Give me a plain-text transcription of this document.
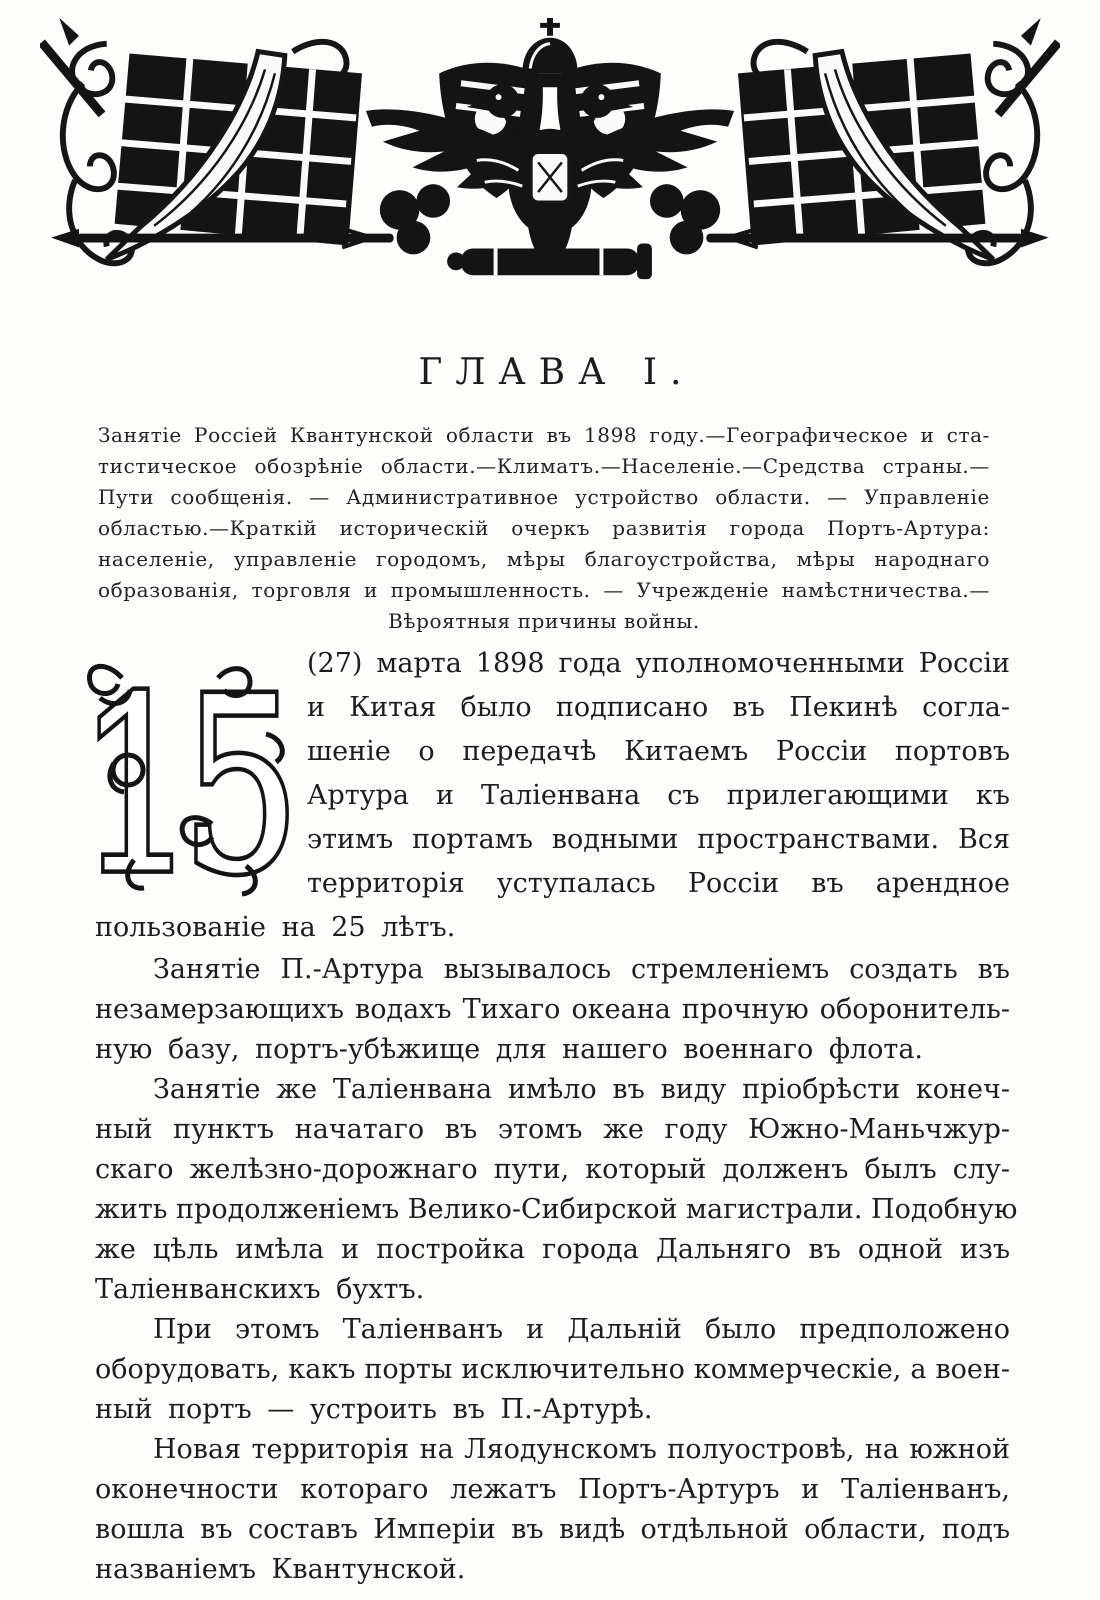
ГЛАВА I.
Занятіе Россіей Квантунской области въ 1898 году.—Географическое и ста-
тистическое обозрѣніе области.—Климатъ.—Населеніе.—Средства страны.—
Пути сообщенія. — Административное устройство области. — Управленіе
областью.—Краткій историческій очеркъ развитія города Портъ-Артура:
населеніе, управленіе городомъ, мѣры благоустройства, мѣры народнаго
образованія, торговля и промышленность. — Учрежденіе намѣстничества.—
Вѣроятныя причины войны.
15 (27) марта 1898 года уполномоченными Россіи
и Китая было подписано въ Пекинѣ согла-
шеніе о передачѣ Китаемъ Россіи портовъ
Артура и Таліенвана съ прилегающими къ
этимъ портамъ водными пространствами. Вся
территорія уступалась Россіи въ арендное
пользованіе на 25 лѣтъ.
Занятіе П.-Артура вызывалось стремленіемъ создать въ
незамерзающихъ водахъ Тихаго океана прочную оборонитель-
ную базу, портъ-убѣжище для нашего военнаго флота.
Занятіе же Таліенвана имѣло въ виду пріобрѣсти конеч-
ный пунктъ начатаго въ этомъ же году Южно-Маньчжур-
скаго желѣзно-дорожнаго пути, который долженъ былъ слу-
жить продолженіемъ Велико-Сибирской магистрали. Подобную
же цѣль имѣла и постройка города Дальняго въ одной изъ
Таліенванскихъ бухтъ.
При этомъ Таліенванъ и Дальній было предположено
оборудовать, какъ порты исключительно коммерческіе, а воен-
ный портъ — устроить въ П.-Артурѣ.
Новая территорія на Ляодунскомъ полуостровѣ, на южной
оконечности котораго лежатъ Портъ-Артуръ и Таліенванъ,
вошла въ составъ Имперіи въ видѣ отдѣльной области, подъ
названіемъ Квантунской.
